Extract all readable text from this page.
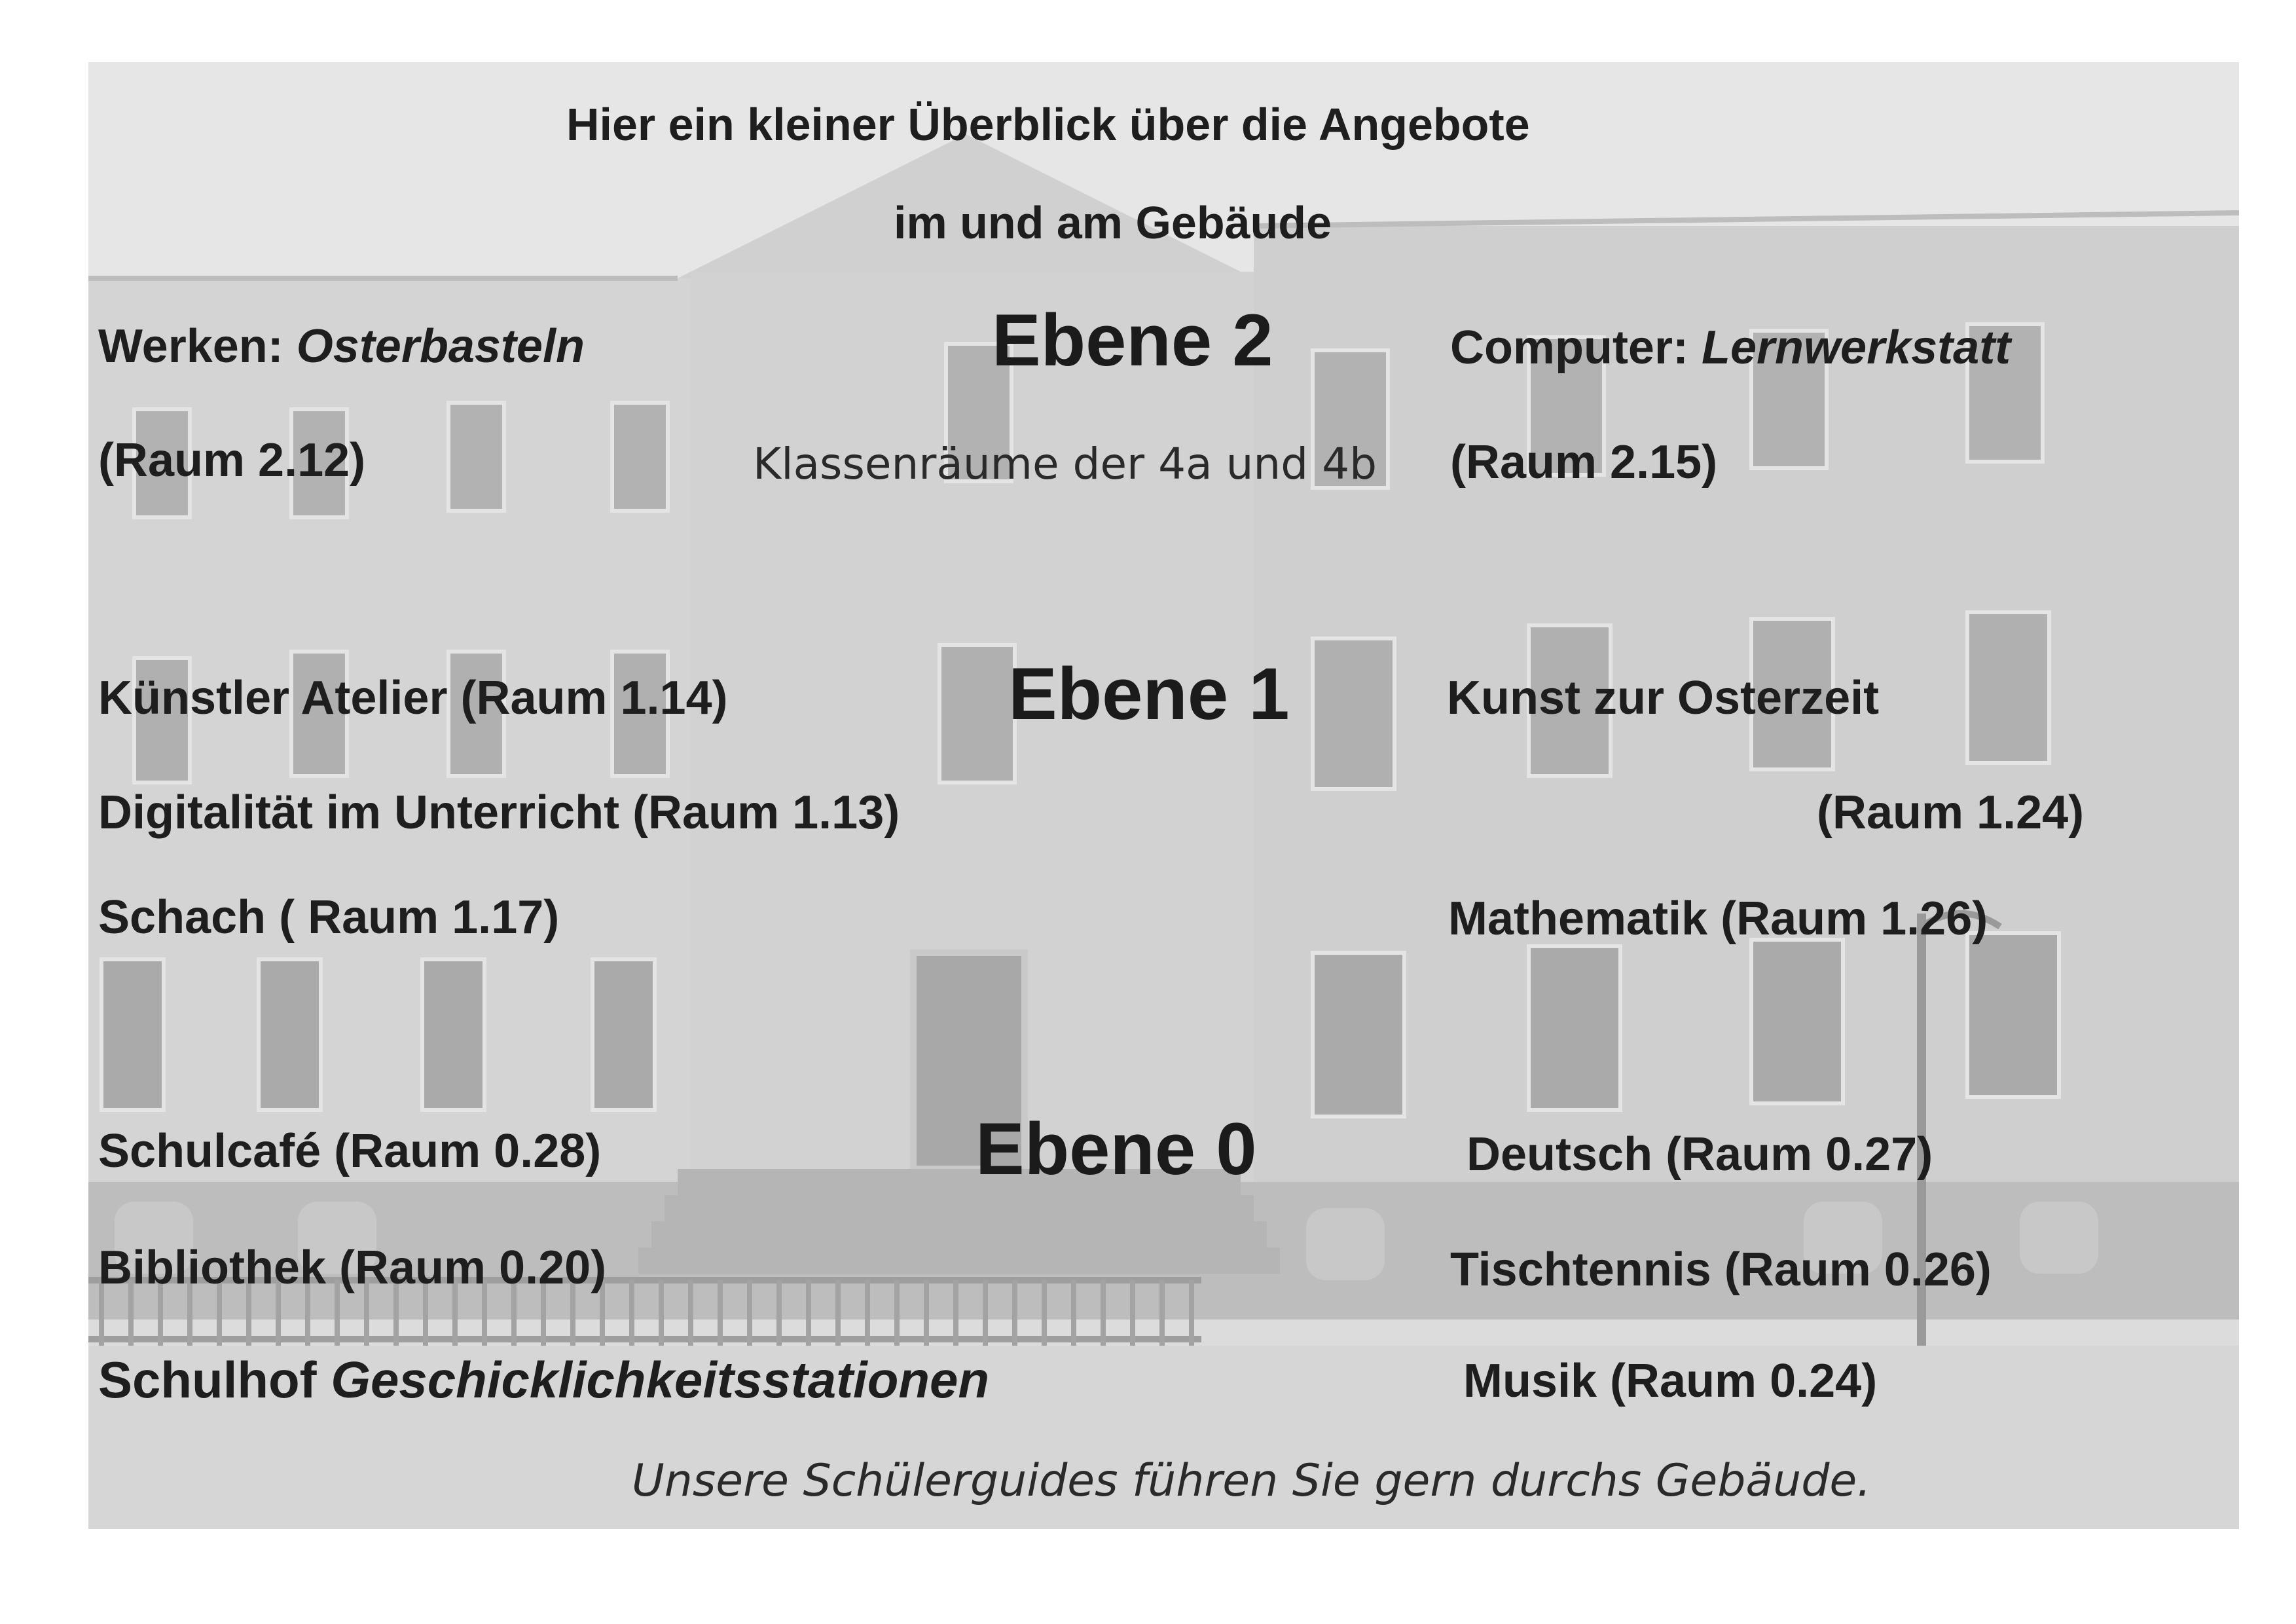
Hier ein kleiner Überblick über die Angebote
im und am Gebäude
Ebene 2
Klassenräume der 4a und 4b
Werken: Osterbasteln
(Raum 2.12)
Computer: Lernwerkstatt
(Raum 2.15)
Ebene 1
Künstler Atelier (Raum 1.14)
Digitalität im Unterricht (Raum 1.13)
Schach ( Raum 1.17)
Kunst zur Osterzeit
(Raum 1.24)
Mathematik (Raum 1.26)
Ebene 0
Schulcafé (Raum 0.28)
Bibliothek (Raum 0.20)
Schulhof Geschicklichkeitsstationen
Deutsch (Raum 0.27)
Tischtennis (Raum 0.26)
Musik (Raum 0.24)
Unsere Schülerguides führen Sie gern durchs Gebäude.
